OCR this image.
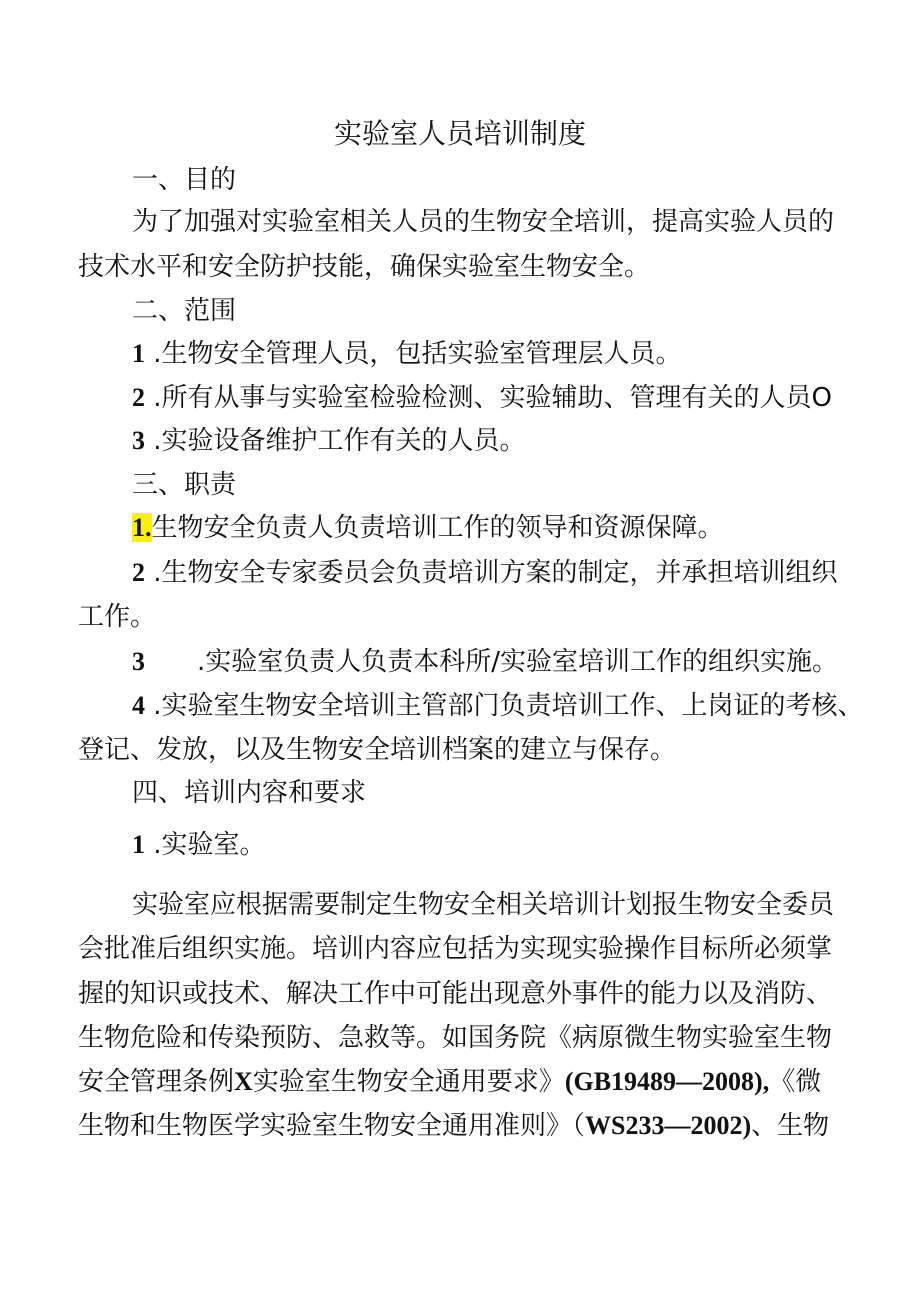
实验室人员培训制度
一、目的
为了加强对实验室相关人员的生物安全培训，提高实验人员的
技术水平和安全防护技能，确保实验室生物安全。
二、范围
1 .生物安全管理人员，包括实验室管理层人员。
2 .所有从事与实验室检验检测、实验辅助、管理有关的人员O
3 .实验设备维护工作有关的人员。
三、职责
1.生物安全负责人负责培训工作的领导和资源保障。
2 .生物安全专家委员会负责培训方案的制定，并承担培训组织
工作。
3 .实验室负责人负责本科所/实验室培训工作的组织实施。
4 .实验室生物安全培训主管部门负责培训工作、上岗证的考核、
登记、发放，以及生物安全培训档案的建立与保存。
四、培训内容和要求
1 .实验室。
实验室应根据需要制定生物安全相关培训计划报生物安全委员
会批准后组织实施。培训内容应包括为实现实验操作目标所必须掌
握的知识或技术、解决工作中可能出现意外事件的能力以及消防、
生物危险和传染预防、急救等。如国务院《病原微生物实验室生物
安全管理条例X实验室生物安全通用要求》(GB19489—2008),《微
生物和生物医学实验室生物安全通用准则》（WS233—2002)、生物
